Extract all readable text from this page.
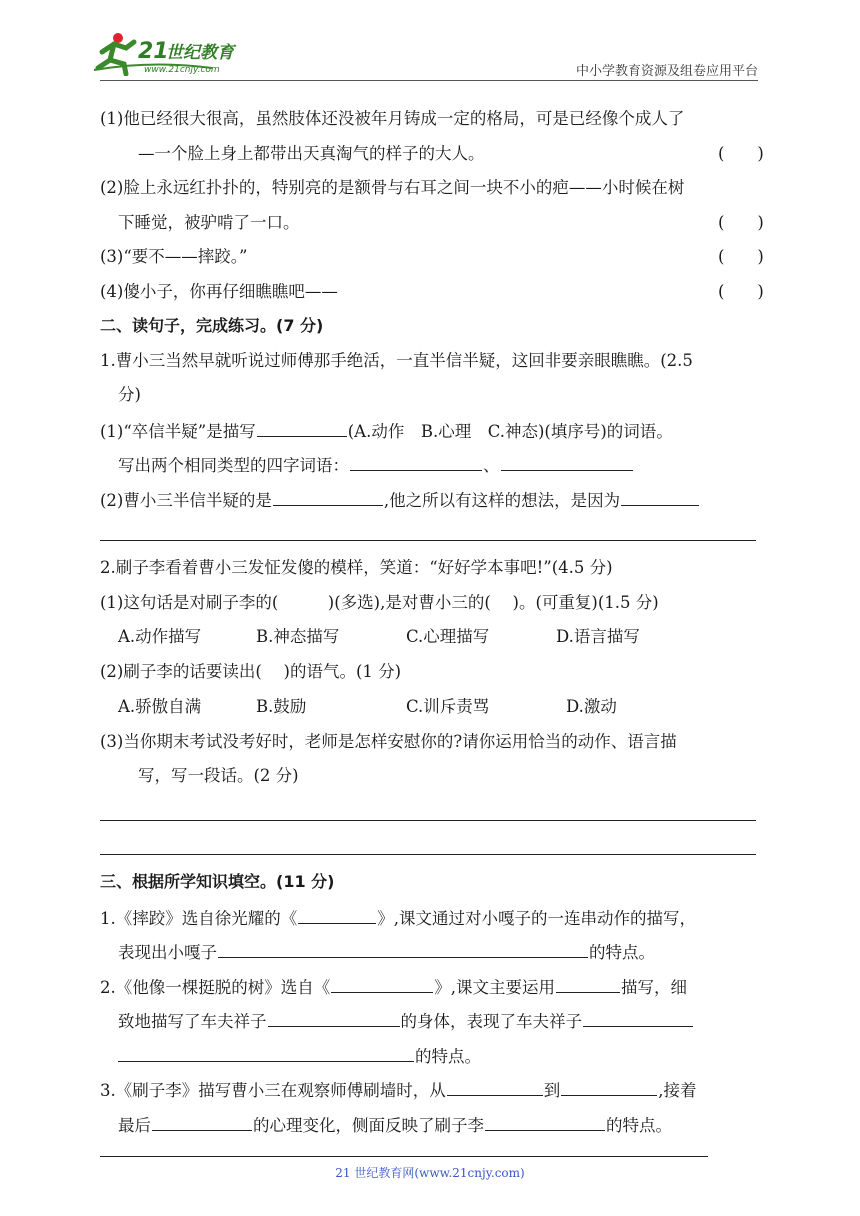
21
世纪教育
www.21cnjy.com	中小学教育资源及组卷应用平台
(1)他已经很大很高，虽然肢体还没被年月铸成一定的格局，可是已经像个成人了
—一个脸上身上都带出天真淘气的样子的大人。	(　　)
(2)脸上永远红扑扑的，特别亮的是额骨与右耳之间一块不小的疤——小时候在树
下睡觉，被驴啃了一口。	(　　)
(3)“要不——摔跤。”	(　　)
(4)傻小子，你再仔细瞧瞧吧——	(　　)
二、读句子，完成练习。(7 分)
1.曹小三当然早就听说过师傅那手绝活，一直半信半疑，这回非要亲眼瞧瞧。(2.5
分)
(1)“卒信半疑”是描写	(A.动作　B.心理　C.神态)(填序号)的词语。
写出两个相同类型的四字词语：	、
(2)曹小三半信半疑的是	,他之所以有这样的想法，是因为
2.刷子李看着曹小三发怔发傻的模样，笑道：“好好学本事吧!”(4.5 分)
(1)这句话是对刷子李的(　　　)(多选),是对曹小三的(　 )。(可重复)(1.5 分)
A.动作描写	B.神态描写	C.心理描写	D.语言描写
(2)刷子李的话要读出(　 )的语气。(1 分)
A.骄傲自满	B.鼓励	C.训斥责骂	D.激动
(3)当你期末考试没考好时，老师是怎样安慰你的?请你运用恰当的动作、语言描
写，写一段话。(2 分)
三、根据所学知识填空。(11 分)
1.《摔跤》选自徐光耀的《	》,课文通过对小嘎子的一连串动作的描写，
表现出小嘎子	的特点。
2.《他像一棵挺脱的树》选自《	》,课文主要运用	描写，细
致地描写了车夫祥子	的身体，表现了车夫祥子
的特点。
3.《刷子李》描写曹小三在观察师傅刷墙时，从	到	,接着
最后	的心理变化，侧面反映了刷子李	的特点。
21 世纪教育网(www.21cnjy.com)
